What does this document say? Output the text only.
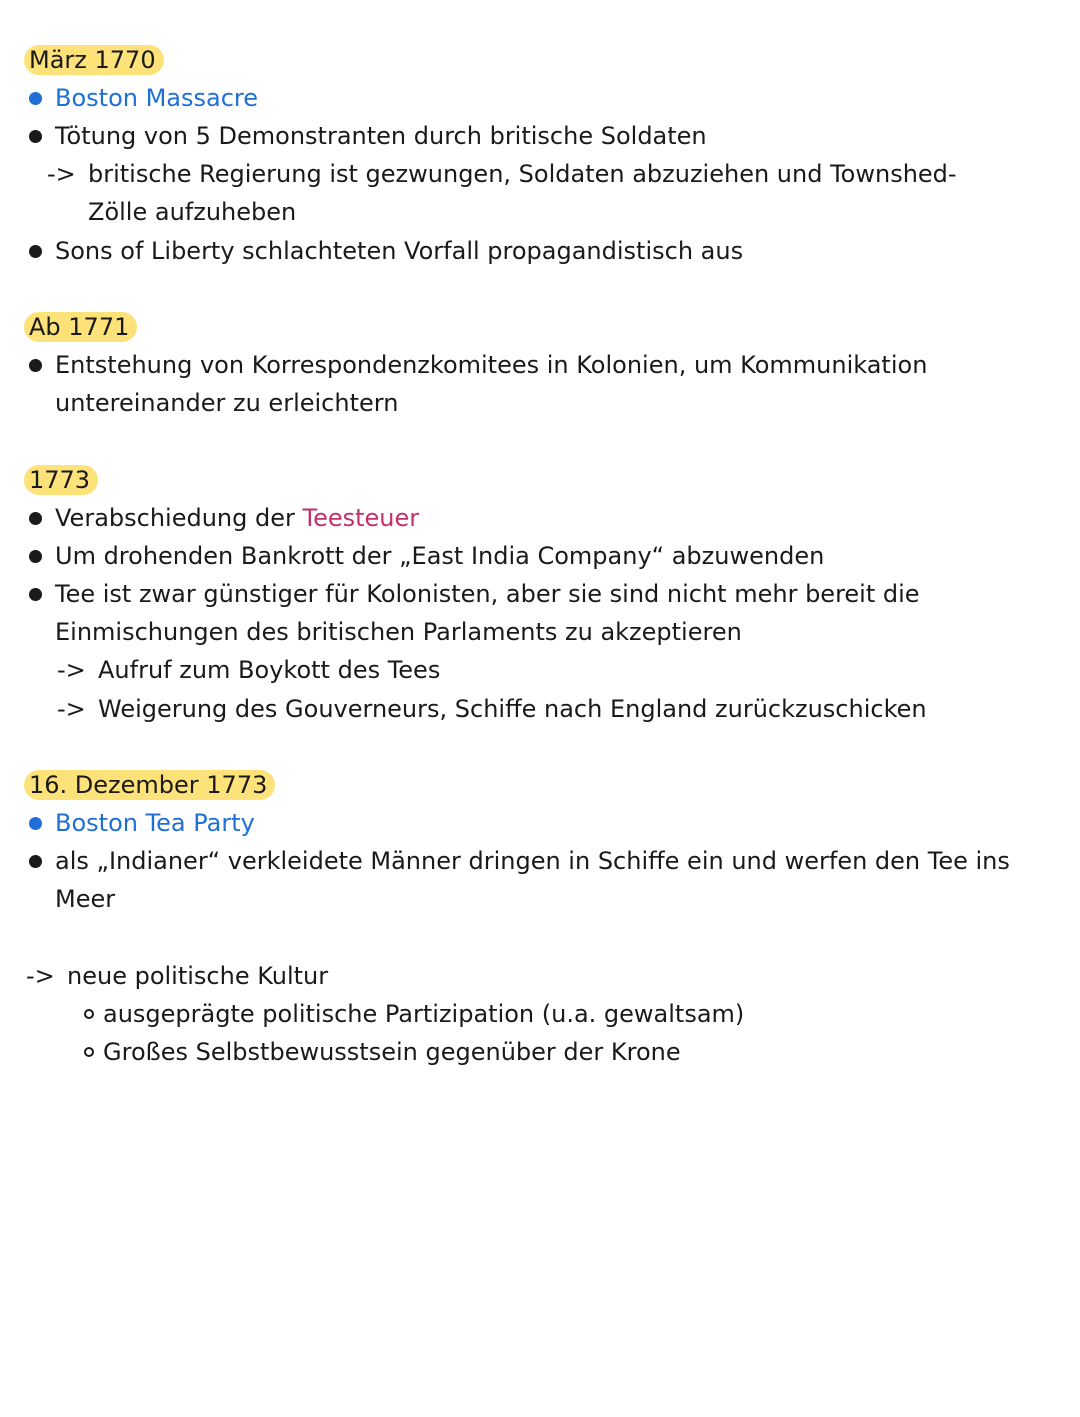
März 1770
Boston Massacre
Tötung von 5 Demonstranten durch britische Soldaten
-> britische Regierung ist gezwungen, Soldaten abzuziehen und Townshed-
Zölle aufzuheben
Sons of Liberty schlachteten Vorfall propagandistisch aus
Ab 1771
Entstehung von Korrespondenzkomitees in Kolonien, um Kommunikation
untereinander zu erleichtern
1773
Verabschiedung der Teesteuer
Um drohenden Bankrott der „East India Company“ abzuwenden
Tee ist zwar günstiger für Kolonisten, aber sie sind nicht mehr bereit die
Einmischungen des britischen Parlaments zu akzeptieren
-> Aufruf zum Boykott des Tees
-> Weigerung des Gouverneurs, Schiffe nach England zurückzuschicken
16. Dezember 1773
Boston Tea Party
als „Indianer“ verkleidete Männer dringen in Schiffe ein und werfen den Tee ins
Meer
-> neue politische Kultur
ausgeprägte politische Partizipation (u.a. gewaltsam)
Großes Selbstbewusstsein gegenüber der Krone
